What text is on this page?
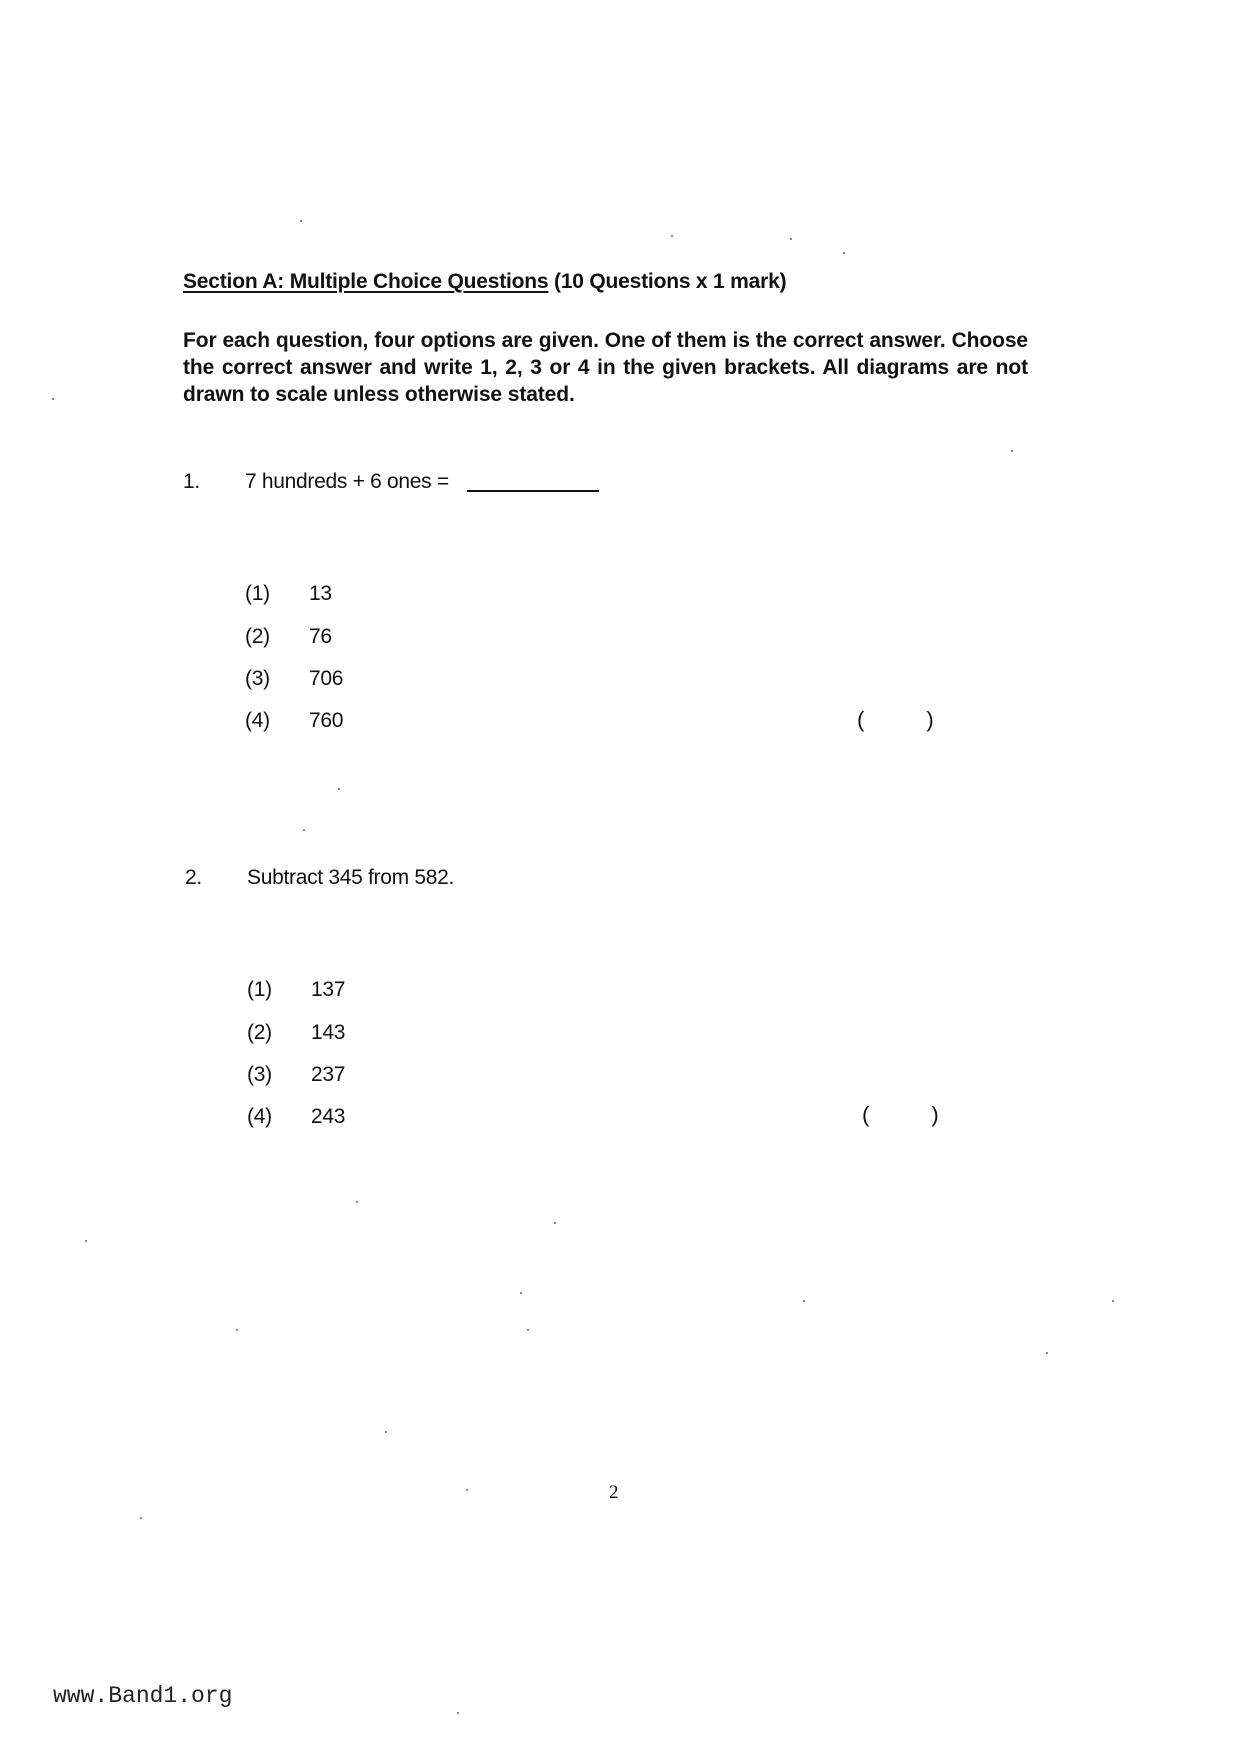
Section A: Multiple Choice Questions (10 Questions x 1 mark)
For each question, four options are given. One of them is the correct answer. Choose the correct answer and write 1, 2, 3 or 4 in the given brackets. All diagrams are not drawn to scale unless otherwise stated.
1. 7 hundreds + 6 ones =
(1) 13
(2) 76
(3) 706
(4) 760	(	)
2. Subtract 345 from 582.
(1) 137
(2) 143
(3) 237
(4) 243	(	)
2
www.Band1.org
